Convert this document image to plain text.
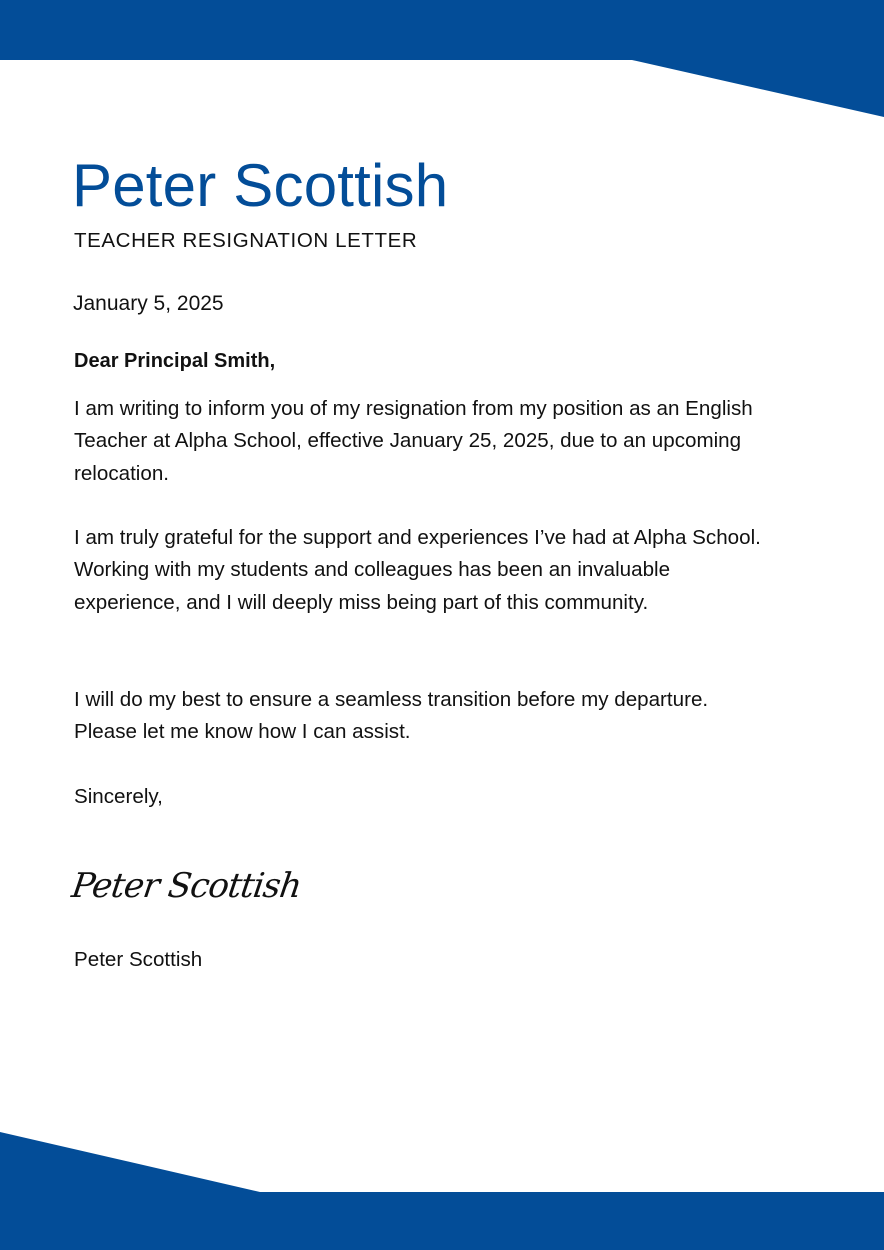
Peter Scottish
TEACHER RESIGNATION LETTER
January 5, 2025
Dear Principal Smith,

I am writing to inform you of my resignation from my position as an English Teacher at Alpha School, effective January 25, 2025, due to an upcoming relocation.

I am truly grateful for the support and experiences I’ve had at Alpha School. Working with my students and colleagues has been an invaluable experience, and I will deeply miss being part of this community.

I will do my best to ensure a seamless transition before my departure. Please let me know how I can assist.

Sincerely,
Peter Scottish
Peter Scottish
